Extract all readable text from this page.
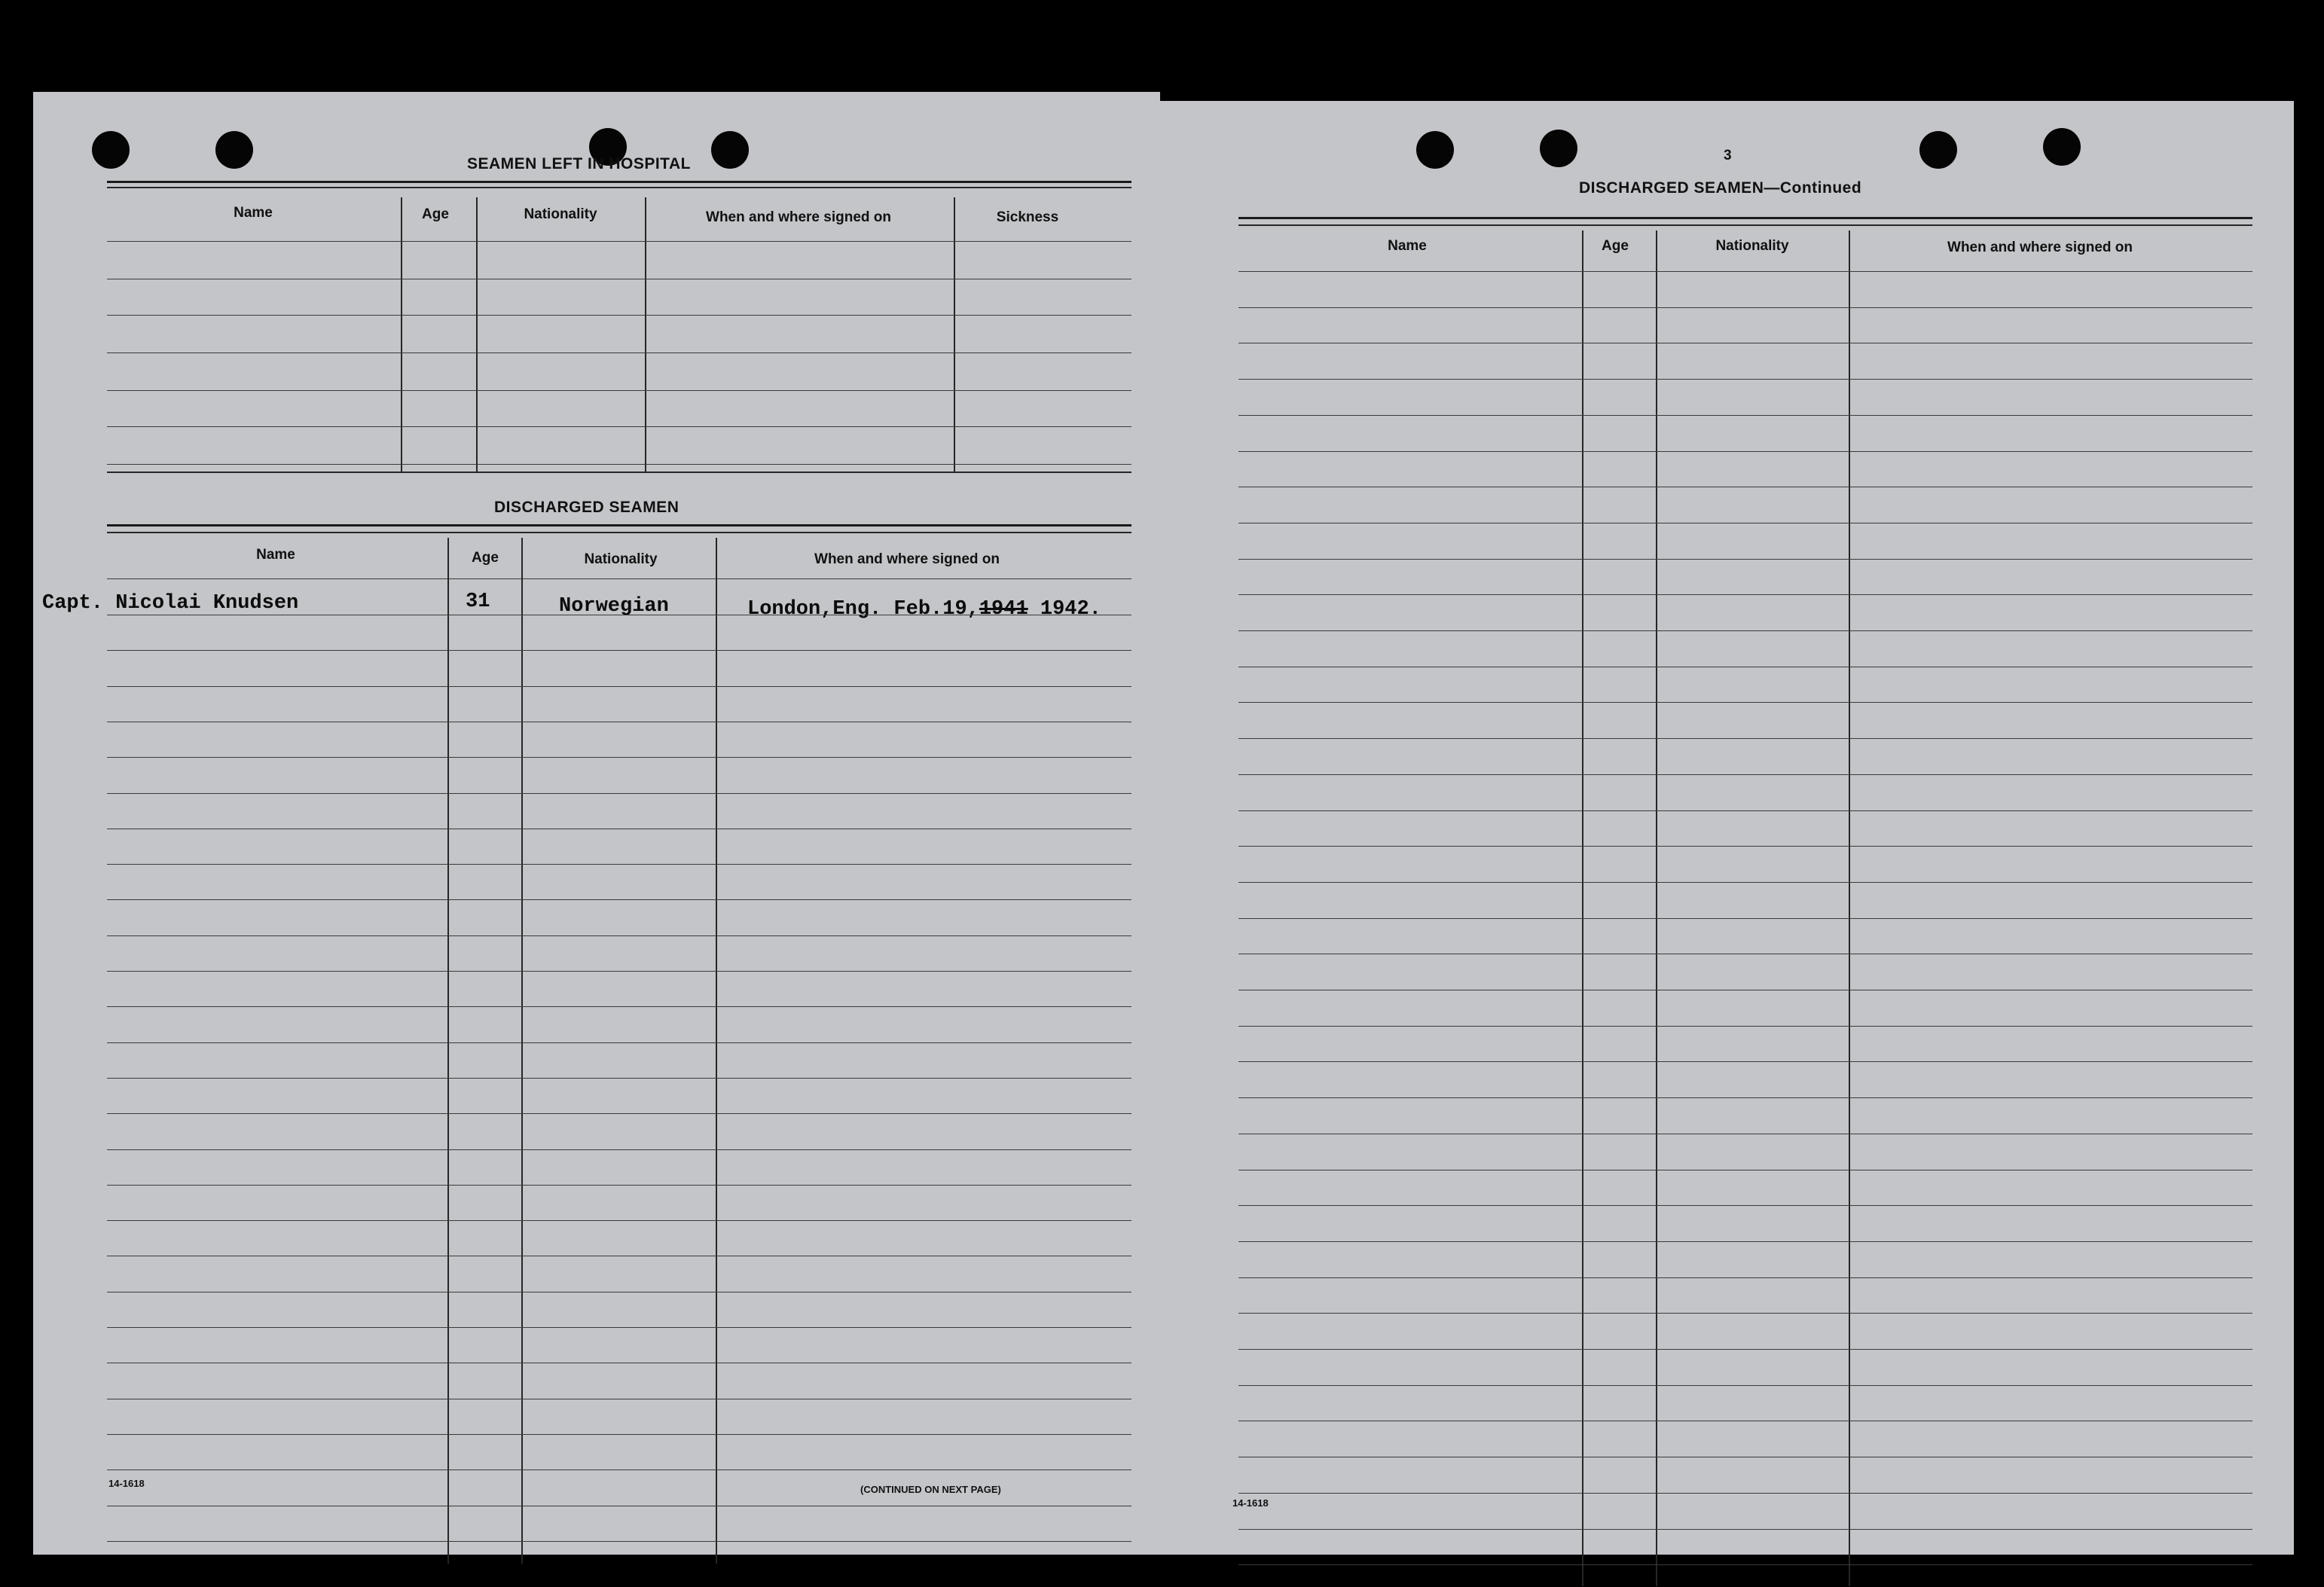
SEAMEN LEFT IN HOSPITAL
Name	Age	Nationality	When and where signed on	Sickness
DISCHARGED SEAMEN
Name	Age	Nationality	When and where signed on
Capt. Nicolai Knudsen	31	Norwegian	London,Eng. Feb.19,1941 1942.
14-1618
(CONTINUED ON NEXT PAGE)
3
DISCHARGED SEAMEN—Continued
Name	Age	Nationality	When and where signed on
14-1618
